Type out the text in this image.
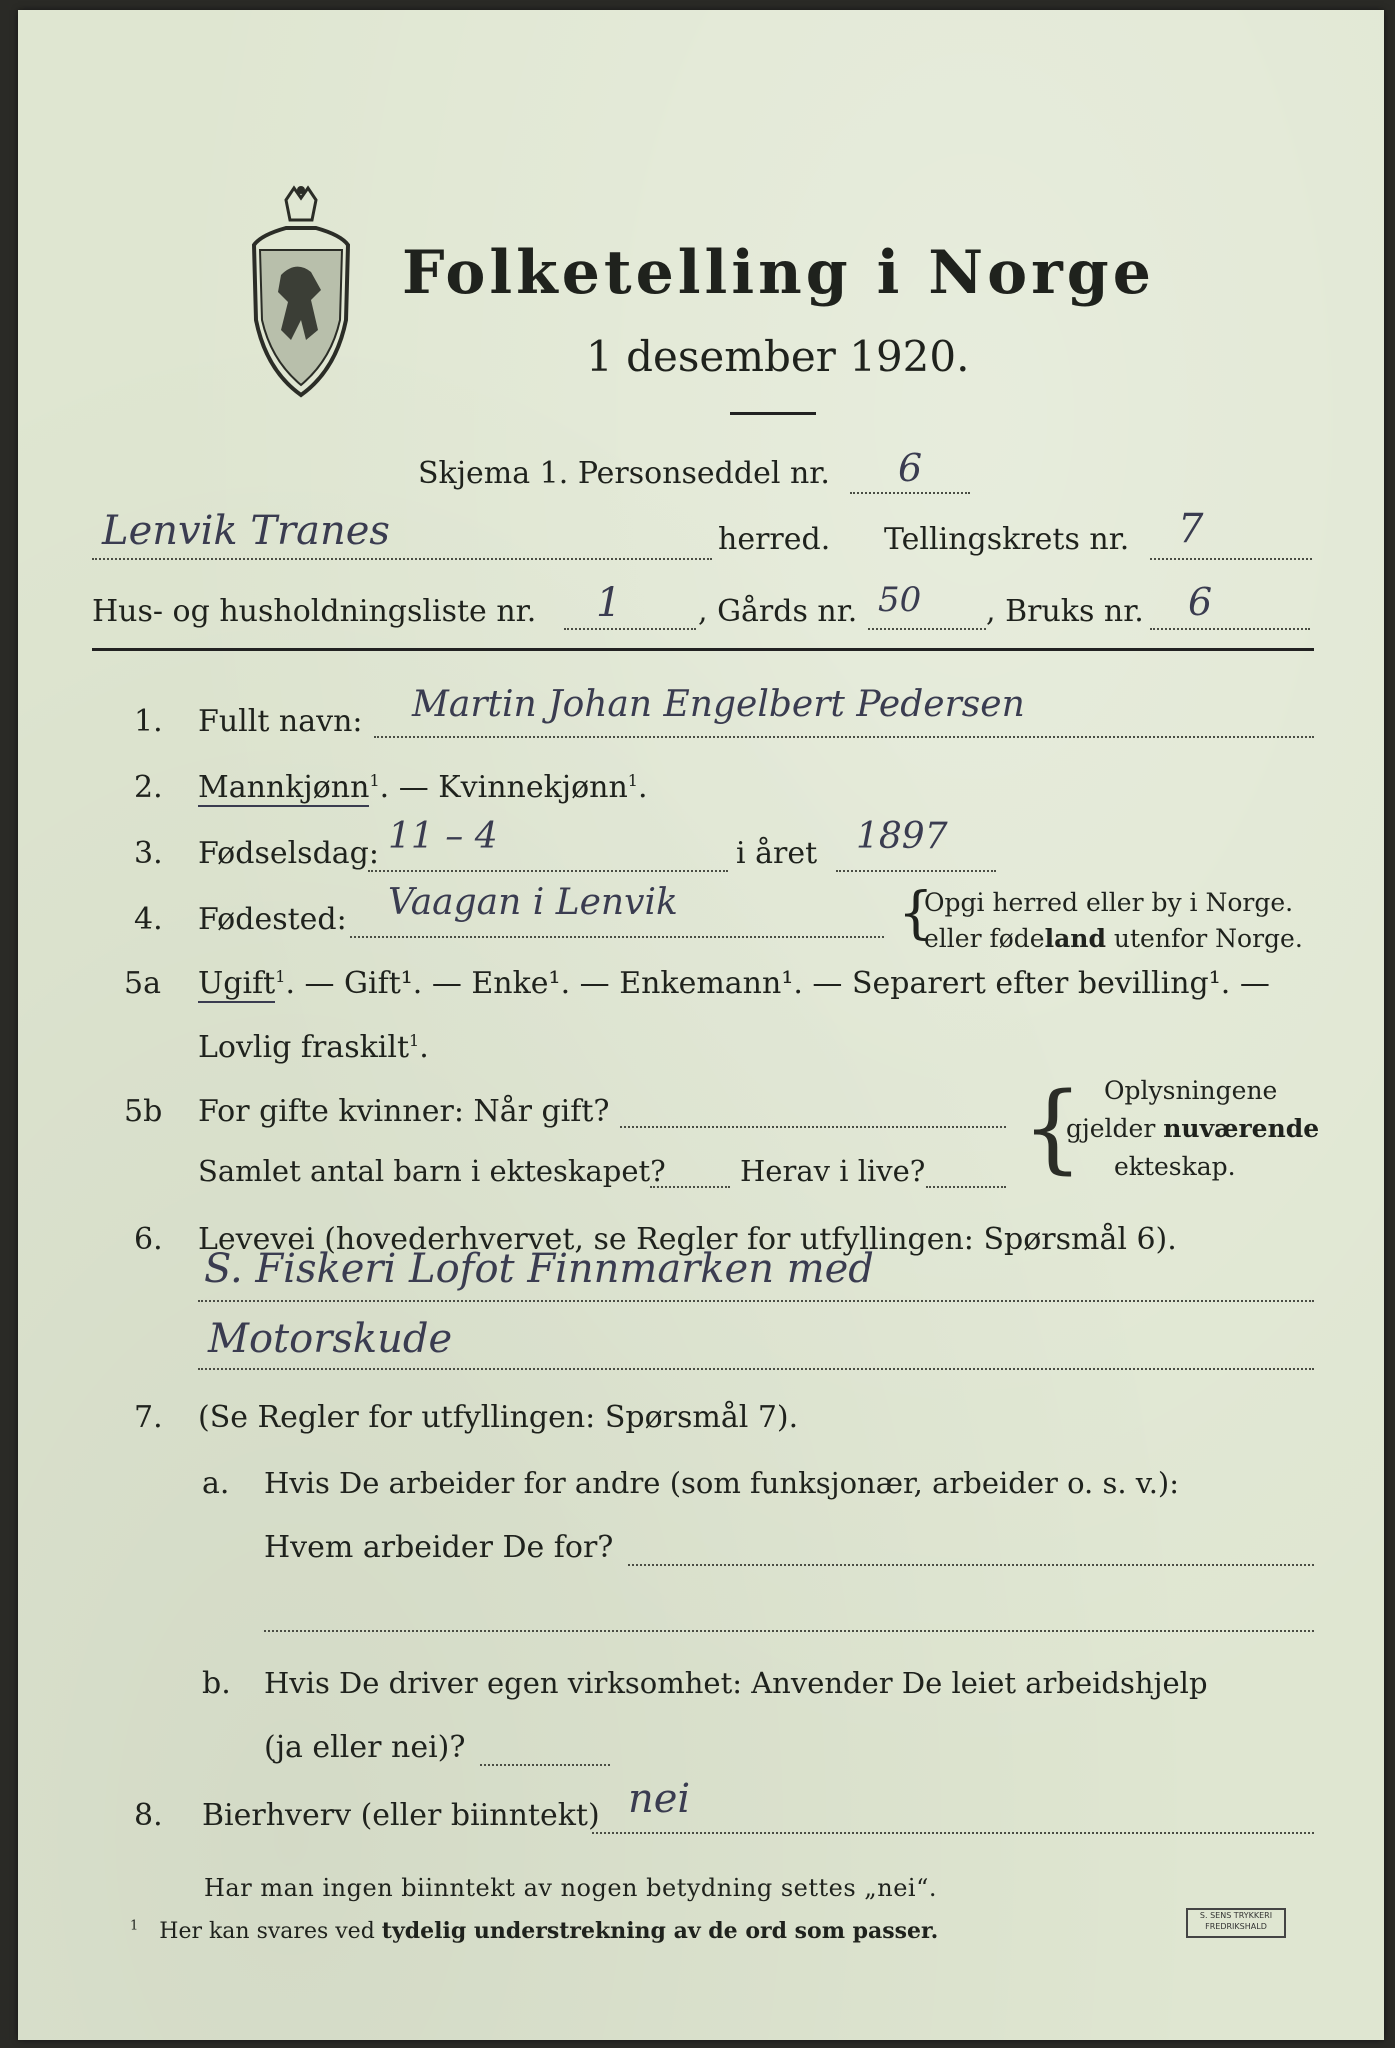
Folketelling i Norge
1 desember 1920.
Skjema 1. Personseddel nr. 6
Lenvik Tranes	herred. Tellingskrets nr. 7
Hus- og husholdningsliste nr. 1	, Gårds nr. 50 , Bruks nr. 6
1. Fullt navn: Martin Johan Engelbert Pedersen
2. Mannkjønn$^1$. — Kvinnekjønn$^1$.
3. Fødselsdag: 11 – 4	i året 1897
4. Fødested: Vaagan i Lenvik	{
Opgi herred eller by i Norge.
eller fødeland utenfor Norge.
5a Ugift$^1$. — Gift¹. — Enke¹. — Enkemann¹. — Separert efter bevilling¹. —
Lovlig fraskilt$^1$.
5b For gifte kvinner: Når gift?
Samlet antal barn i ekteskapet?	Herav i live? { Oplysningene
gjelder nuværende
ekteskap.
6. Levevei (hovederhvervet, se Regler for utfyllingen: Spørsmål 6).
S. Fiskeri Lofot Finnmarken med
Motorskude
7. (Se Regler for utfyllingen: Spørsmål 7).
a. Hvis De arbeider for andre (som funksjonær, arbeider o. s. v.):
Hvem arbeider De for?
b. Hvis De driver egen virksomhet: Anvender De leiet arbeidshjelp
(ja eller nei)?
8. Bierhverv (eller biinntekt) nei
Har man ingen biinntekt av nogen betydning settes „nei“.
$^1$ Her kan svares ved tydelig understrekning av de ord som passer.
S. SENS TRYKKERI FREDRIKSHALD
